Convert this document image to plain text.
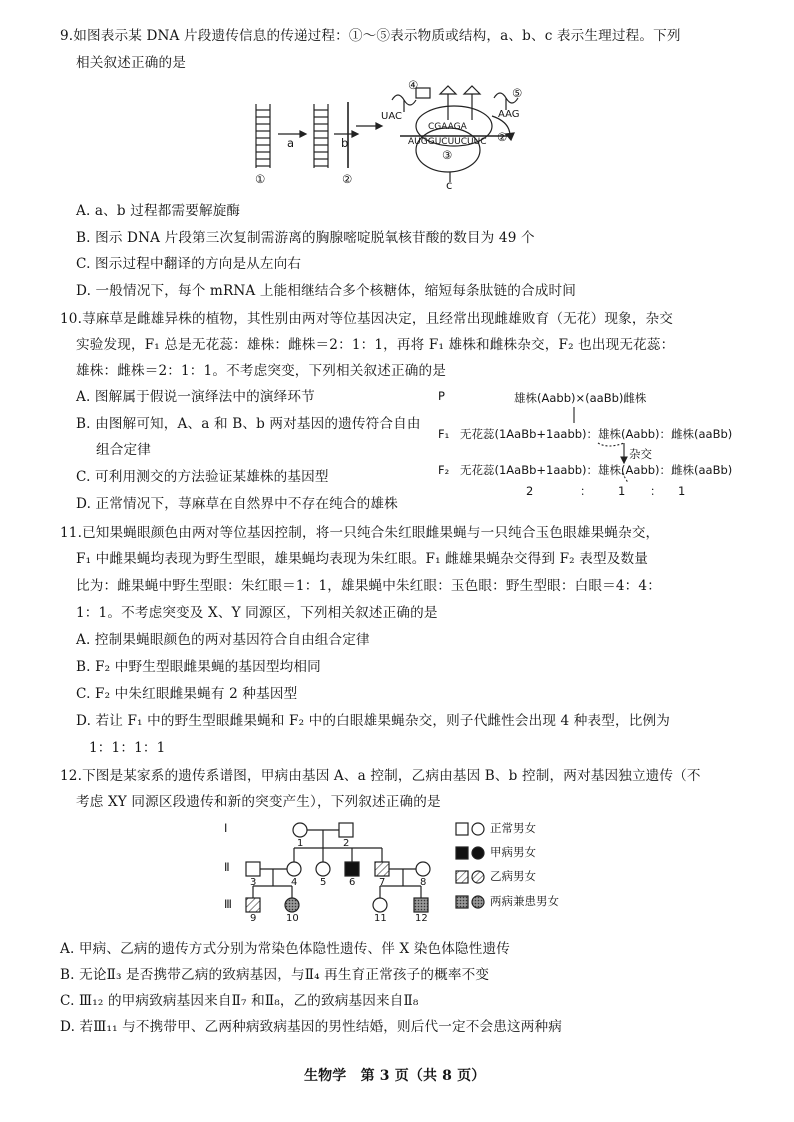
9.如图表示某 DNA 片段遗传信息的传递过程：①～⑤表示物质或结构，a、b、c 表示生理过程。下列
相关叙述正确的是
a	b
①	②
③
④
⑤
②
c
UAC	AAG
CGAAGA
AUGGUCUUCUUC
A. a、b 过程都需要解旋酶
B. 图示 DNA 片段第三次复制需游离的胸腺嘧啶脱氧核苷酸的数目为 49 个
C. 图示过程中翻译的方向是从左向右
D. 一般情况下，每个 mRNA 上能相继结合多个核糖体，缩短每条肽链的合成时间
10.荨麻草是雌雄异株的植物，其性别由两对等位基因决定，且经常出现雌雄败育（无花）现象，杂交
实验发现，F₁ 总是无花蕊：雄株：雌株＝2：1：1，再将 F₁ 雄株和雌株杂交，F₂ 也出现无花蕊：
雄株：雌株＝2：1：1。不考虑突变，下列相关叙述正确的是
A. 图解属于假说一演绎法中的演绎环节
B. 由图解可知，A、a 和 B、b 两对基因的遗传符合自由
组合定律
C. 可利用测交的方法验证某雄株的基因型
D. 正常情况下，荨麻草在自然界中不存在纯合的雄株
P	雄株(Aabb)×(aaBb)雌株
F₁ 无花蕊(1AaBb+1aabb)：雄株(Aabb)：雌株(aaBb)
杂交
F₂ 无花蕊(1AaBb+1aabb)：雄株(Aabb)：雌株(aaBb)
2	： 1 ： 1
11.已知果蝇眼颜色由两对等位基因控制，将一只纯合朱红眼雌果蝇与一只纯合玉色眼雄果蝇杂交，
F₁ 中雌果蝇均表现为野生型眼，雄果蝇均表现为朱红眼。F₁ 雌雄果蝇杂交得到 F₂ 表型及数量
比为：雌果蝇中野生型眼：朱红眼＝1：1，雄果蝇中朱红眼：玉色眼：野生型眼：白眼＝4：4：
1：1。不考虑突变及 X、Y 同源区，下列相关叙述正确的是
A. 控制果蝇眼颜色的两对基因符合自由组合定律
B. F₂ 中野生型眼雌果蝇的基因型均相同
C. F₂ 中朱红眼雌果蝇有 2 种基因型
D. 若让 F₁ 中的野生型眼雌果蝇和 F₂ 中的白眼雄果蝇杂交，则子代雌性会出现 4 种表型，比例为
1：1：1：1
12.下图是某家系的遗传系谱图，甲病由基因 A、a 控制，乙病由基因 B、b 控制，两对基因独立遗传（不
考虑 XY 同源区段遗传和新的突变产生），下列叙述正确的是
Ⅰ
Ⅱ
Ⅲ
1	2
3	4 5 6 7	8
9	10	11	12
正常男女
甲病男女
乙病男女
两病兼患男女
A. 甲病、乙病的遗传方式分别为常染色体隐性遗传、伴 X 染色体隐性遗传
B. 无论Ⅱ₃ 是否携带乙病的致病基因，与Ⅱ₄ 再生育正常孩子的概率不变
C. Ⅲ₁₂ 的甲病致病基因来自Ⅱ₇ 和Ⅱ₈，乙的致病基因来自Ⅱ₈
D. 若Ⅲ₁₁ 与不携带甲、乙两种病致病基因的男性结婚，则后代一定不会患这两种病
生物学　第 3 页（共 8 页）
